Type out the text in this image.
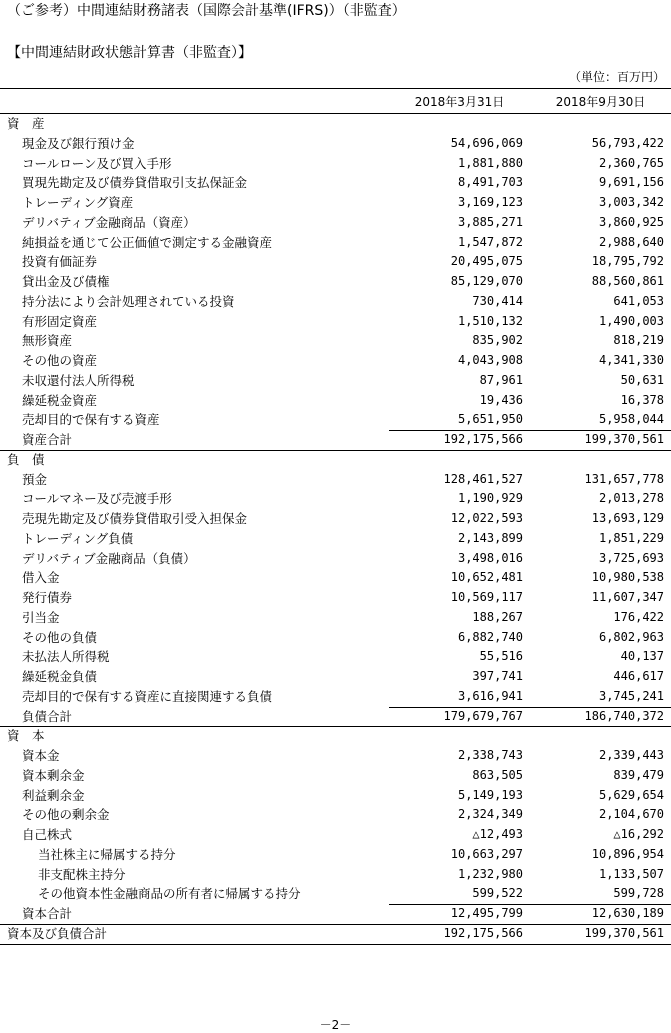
（ご参考）中間連結財務諸表（国際会計基準(IFRS)）（非監査）
【中間連結財政状態計算書（非監査）】
（単位：百万円）
2018年3月31日	2018年9月30日
資　産
現金及び銀行預け金	54,696,069	56,793,422
コールローン及び買入手形	1,881,880	2,360,765
買現先勘定及び債券貸借取引支払保証金	8,491,703	9,691,156
トレーディング資産	3,169,123	3,003,342
デリバティブ金融商品（資産）	3,885,271	3,860,925
純損益を通じて公正価値で測定する金融資産	1,547,872	2,988,640
投資有価証券	20,495,075	18,795,792
貸出金及び債権	85,129,070	88,560,861
持分法により会計処理されている投資	730,414	641,053
有形固定資産	1,510,132	1,490,003
無形資産	835,902	818,219
その他の資産	4,043,908	4,341,330
未収還付法人所得税	87,961	50,631
繰延税金資産	19,436	16,378
売却目的で保有する資産	5,651,950	5,958,044
資産合計	192,175,566	199,370,561
負　債
預金	128,461,527	131,657,778
コールマネー及び売渡手形	1,190,929	2,013,278
売現先勘定及び債券貸借取引受入担保金	12,022,593	13,693,129
トレーディング負債	2,143,899	1,851,229
デリバティブ金融商品（負債）	3,498,016	3,725,693
借入金	10,652,481	10,980,538
発行債券	10,569,117	11,607,347
引当金	188,267	176,422
その他の負債	6,882,740	6,802,963
未払法人所得税	55,516	40,137
繰延税金負債	397,741	446,617
売却目的で保有する資産に直接関連する負債	3,616,941	3,745,241
負債合計	179,679,767	186,740,372
資　本
資本金	2,338,743	2,339,443
資本剰余金	863,505	839,479
利益剰余金	5,149,193	5,629,654
その他の剰余金	2,324,349	2,104,670
自己株式	△12,493	△16,292
当社株主に帰属する持分	10,663,297	10,896,954
非支配株主持分	1,232,980	1,133,507
その他資本性金融商品の所有者に帰属する持分	599,522	599,728
資本合計	12,495,799	12,630,189
資本及び負債合計	192,175,566	199,370,561
－2－
